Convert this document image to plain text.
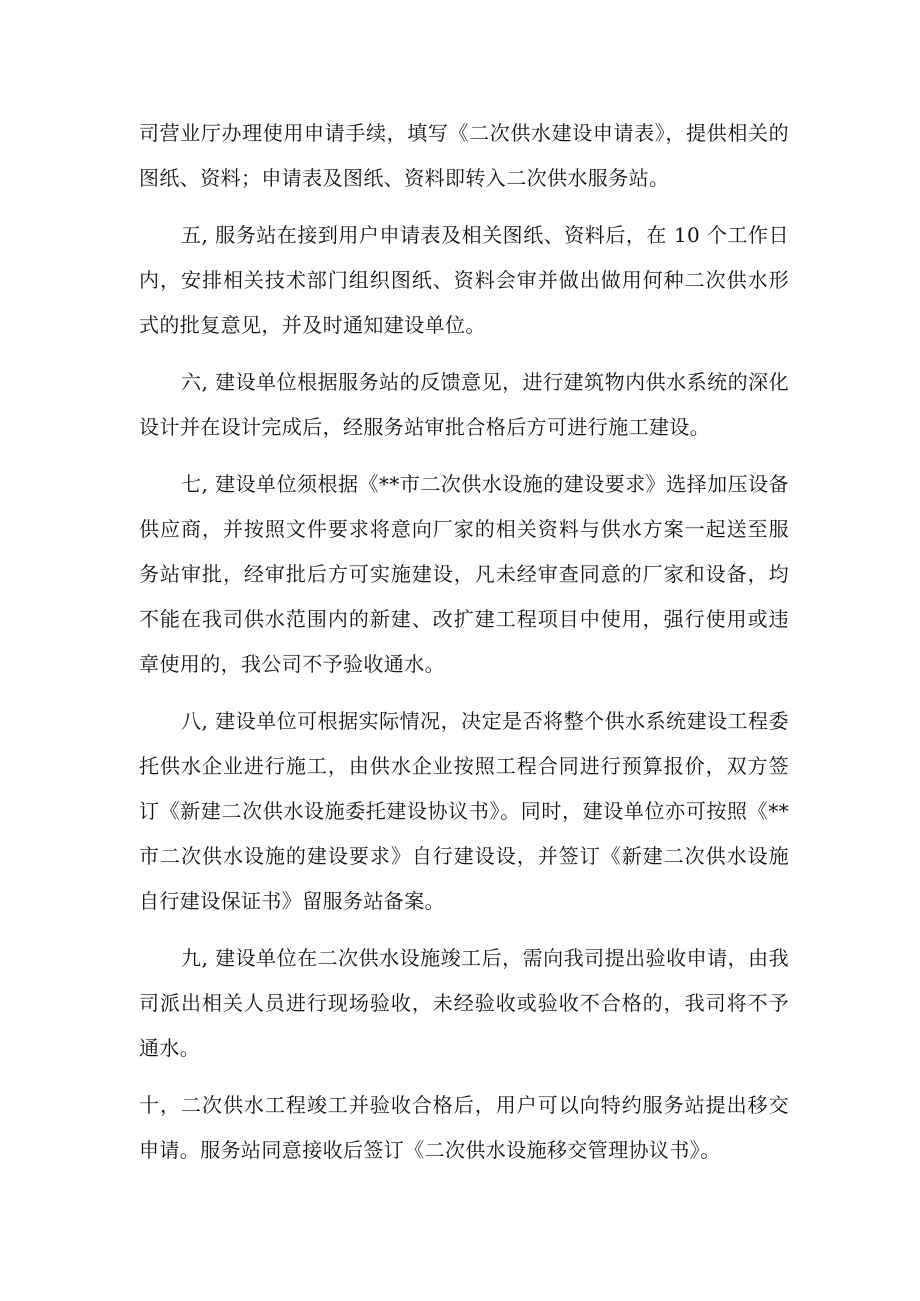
司营业厅办理使用申请手续，填写《二次供水建设申请表》，提供相关的图纸、资料；申请表及图纸、资料即转入二次供水服务站。

五, 服务站在接到用户申请表及相关图纸、资料后，在 10 个工作日内，安排相关技术部门组织图纸、资料会审并做出做用何种二次供水形式的批复意见，并及时通知建设单位。

六, 建设单位根据服务站的反馈意见，进行建筑物内供水系统的深化设计并在设计完成后，经服务站审批合格后方可进行施工建设。

七, 建设单位须根据《**市二次供水设施的建设要求》选择加压设备供应商，并按照文件要求将意向厂家的相关资料与供水方案一起送至服务站审批，经审批后方可实施建设，凡未经审查同意的厂家和设备，均不能在我司供水范围内的新建、改扩建工程项目中使用，强行使用或违章使用的，我公司不予验收通水。

八, 建设单位可根据实际情况，决定是否将整个供水系统建设工程委托供水企业进行施工，由供水企业按照工程合同进行预算报价，双方签订《新建二次供水设施委托建设协议书》。同时，建设单位亦可按照《**市二次供水设施的建设要求》自行建设设，并签订《新建二次供水设施自行建设保证书》留服务站备案。

九, 建设单位在二次供水设施竣工后，需向我司提出验收申请，由我司派出相关人员进行现场验收，未经验收或验收不合格的，我司将不予通水。

十，二次供水工程竣工并验收合格后，用户可以向特约服务站提出移交申请。服务站同意接收后签订《二次供水设施移交管理协议书》。
